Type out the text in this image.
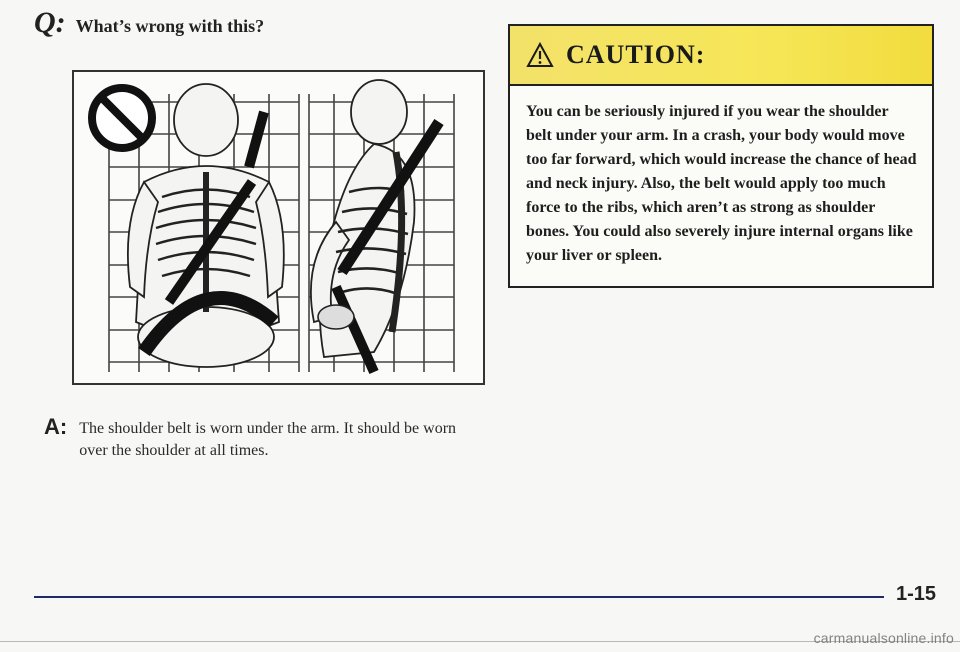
Q: What’s wrong with this?
A: The shoulder belt is worn under the arm. It should be worn over the shoulder at all times.
CAUTION:
You can be seriously injured if you wear the shoulder belt under your arm. In a crash, your body would move too far forward, which would increase the chance of head and neck injury. Also, the belt would apply too much force to the ribs, which aren’t as strong as shoulder bones. You could also severely injure internal organs like your liver or spleen.
1-15
carmanualsonline.info
